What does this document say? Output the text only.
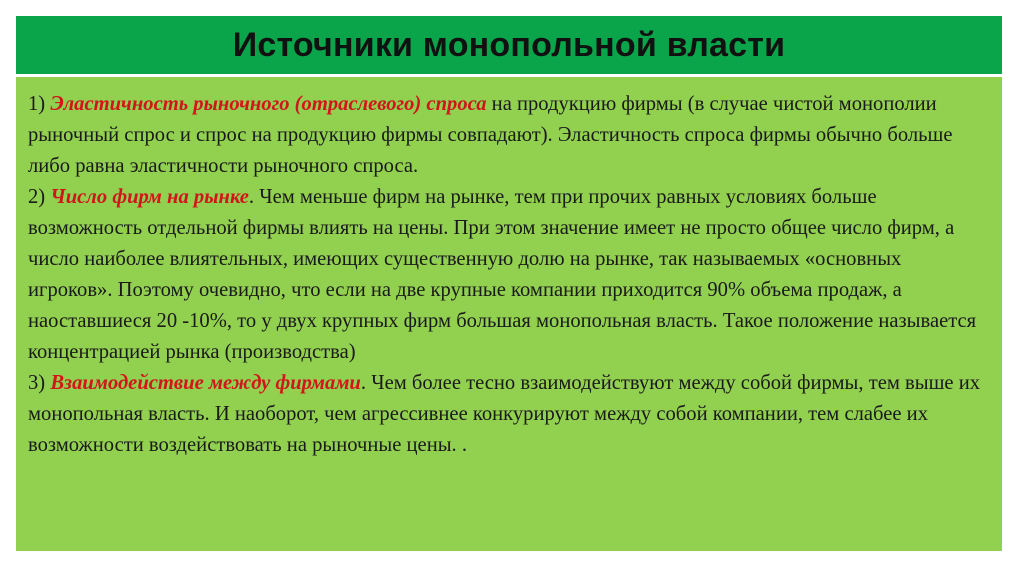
Источники монопольной власти

1) Эластичность рыночного (отраслевого) спроса на продукцию фирмы (в случае чистой монополии рыночный спрос и спрос на продукцию фирмы совпадают). Эластичность спроса фирмы обычно больше либо равна эластичности рыночного спроса.

2) Число фирм на рынке. Чем меньше фирм на рынке, тем при прочих равных условиях больше возможность отдельной фирмы влиять на цены. При этом значение имеет не просто общее число фирм, а число наиболее влиятельных, имеющих существенную долю на рынке, так называемых «основных игроков». Поэтому очевидно, что если на две крупные компании приходится 90% объема продаж, а наоставшиеся 20 -10%, то у двух крупных фирм большая монопольная власть. Такое положение называется концентрацией рынка (производства)

3) Взаимодействие между фирмами. Чем более тесно взаимодействуют между собой фирмы, тем выше их монопольная власть. И наоборот, чем агрессивнее конкурируют между собой компании, тем слабее их возможности воздействовать на рыночные цены. .
